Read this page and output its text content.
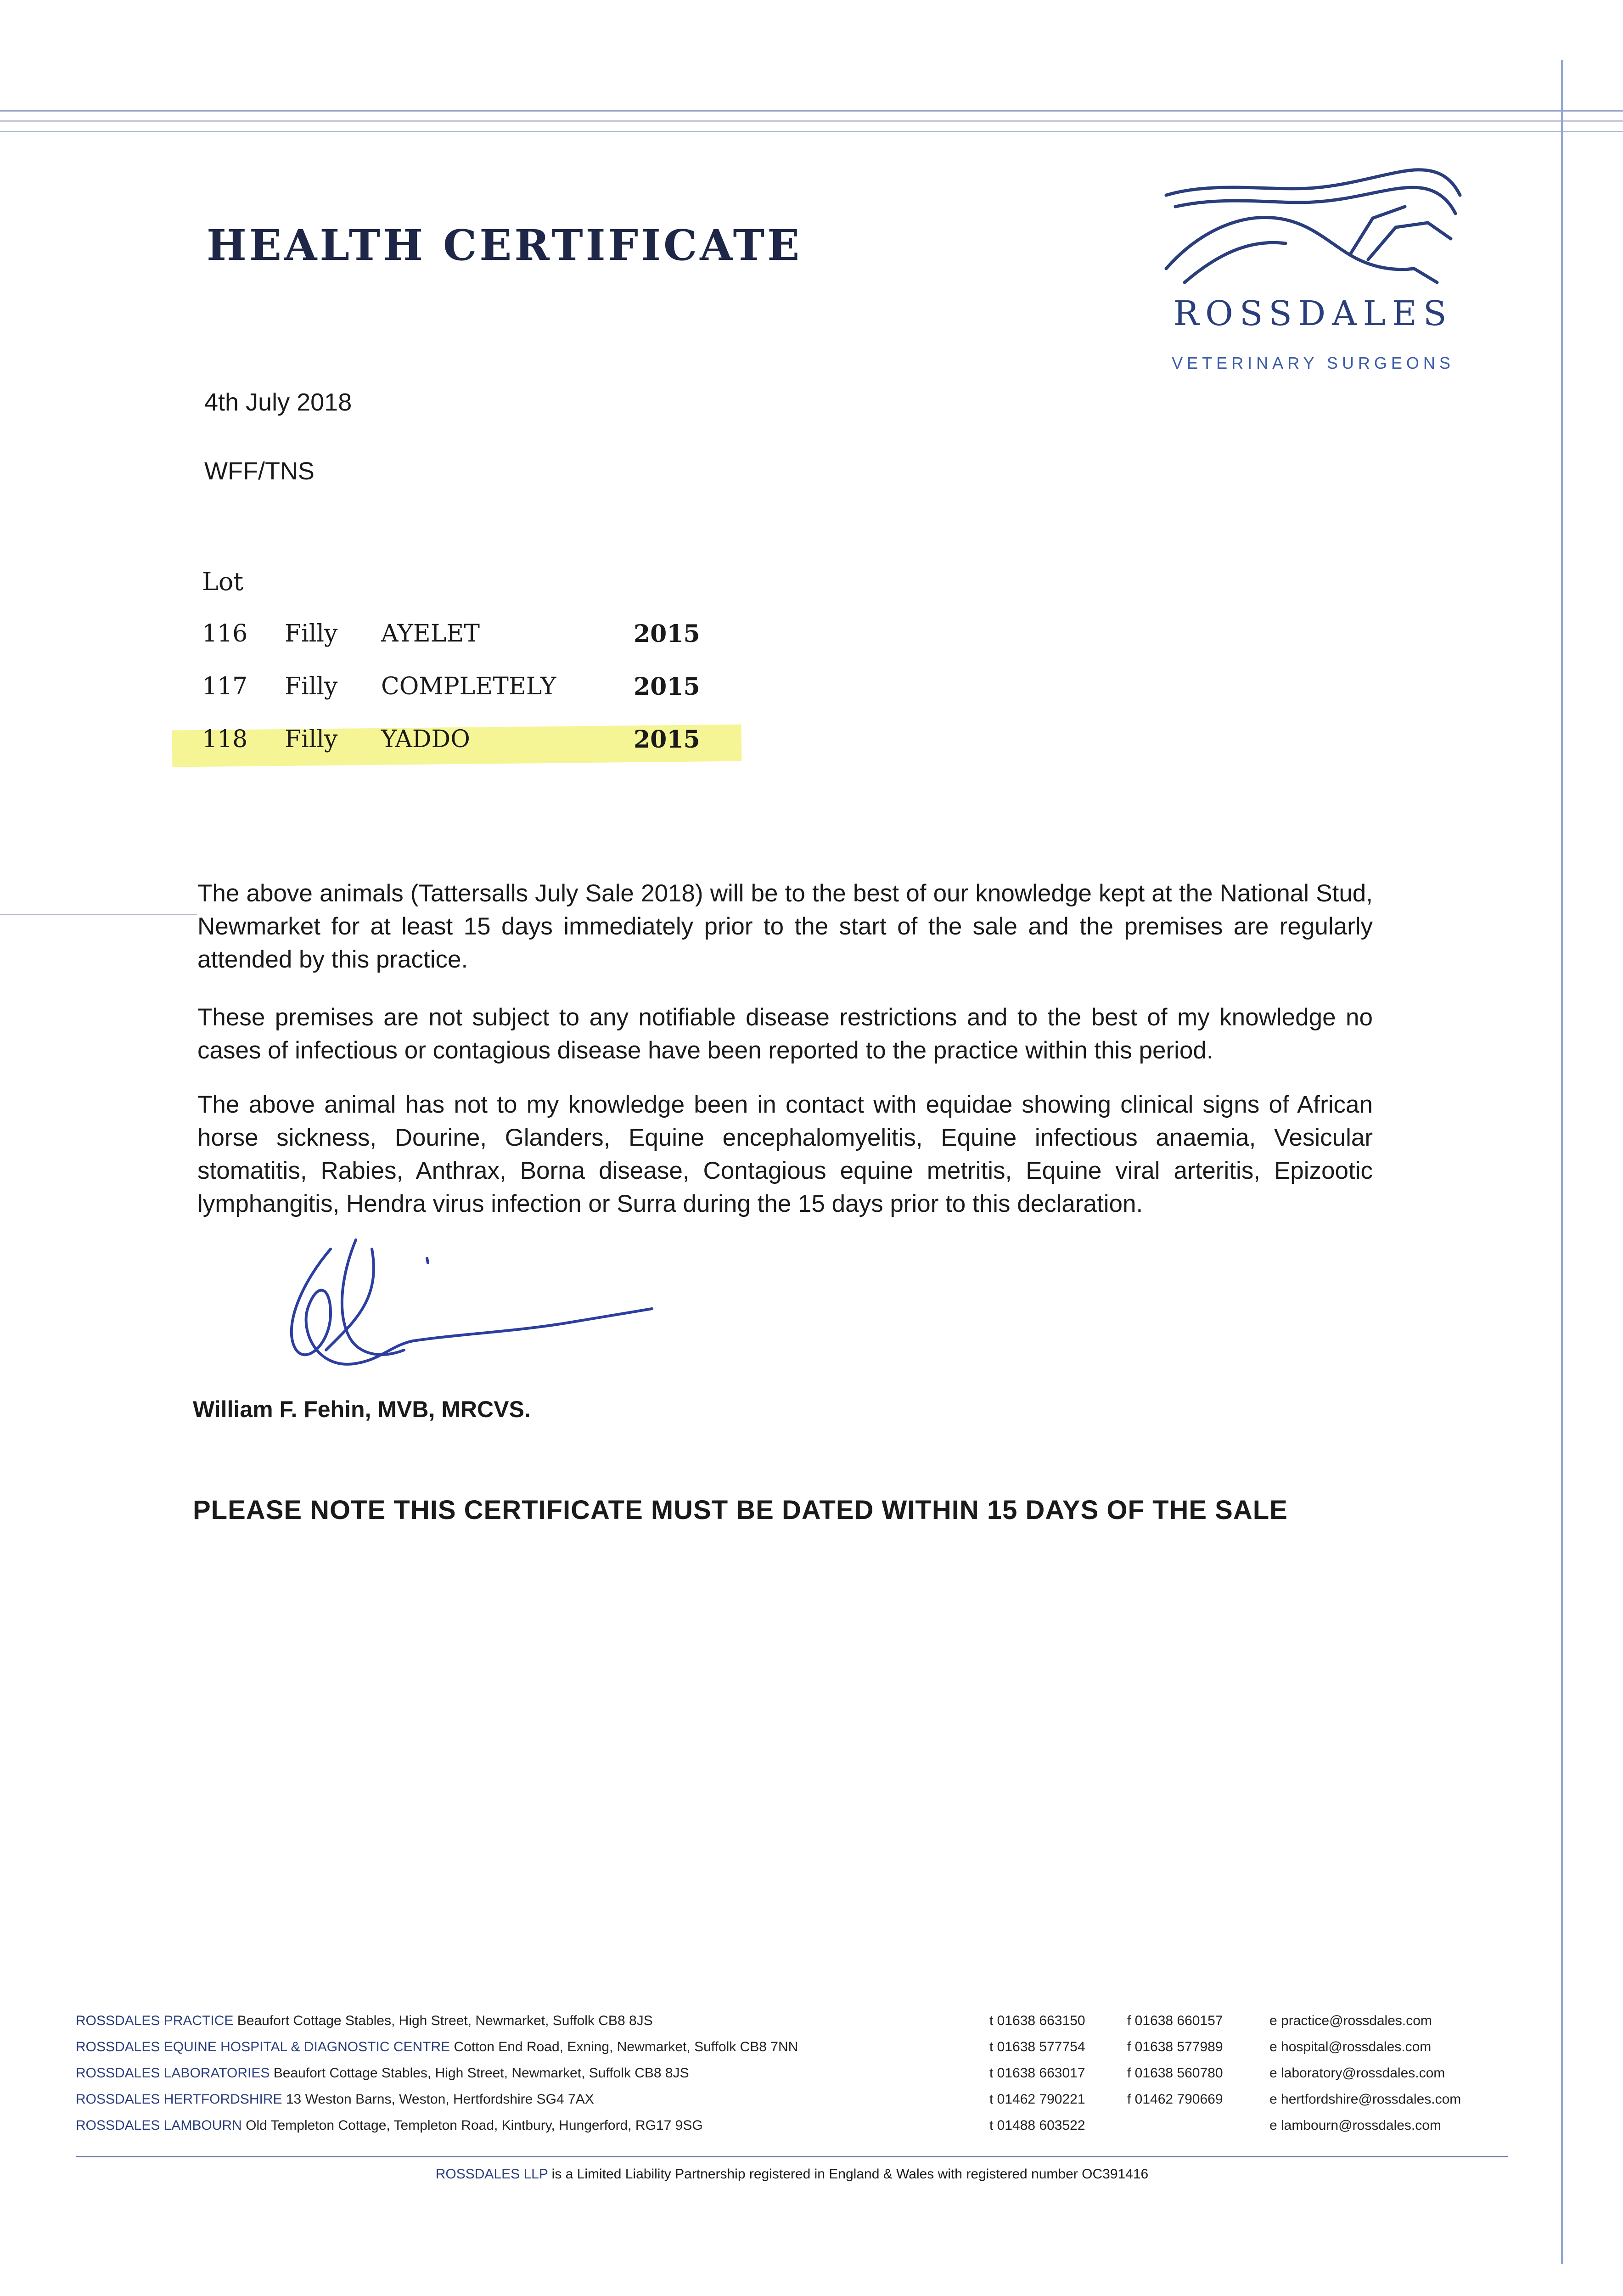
HEALTH CERTIFICATE
ROSSDALES
VETERINARY SURGEONS
4th July 2018
WFF/TNS
Lot
116 Filly AYELET	2015
117 Filly COMPLETELY	2015
118 Filly YADDO	2015
The above animals (Tattersalls July Sale 2018) will be to the best of our knowledge kept at the National Stud, Newmarket for at least 15 days immediately prior to the start of the sale and the premises are regularly attended by this practice.
These premises are not subject to any notifiable disease restrictions and to the best of my knowledge no cases of infectious or contagious disease have been reported to the practice within this period.
The above animal has not to my knowledge been in contact with equidae showing clinical signs of African horse sickness, Dourine, Glanders, Equine encephalomyelitis, Equine infectious anaemia, Vesicular stomatitis, Rabies, Anthrax, Borna disease, Contagious equine metritis, Equine viral arteritis, Epizootic lymphangitis, Hendra virus infection or Surra during the 15 days prior to this declaration.
William F. Fehin, MVB, MRCVS.
PLEASE NOTE THIS CERTIFICATE MUST BE DATED WITHIN 15 DAYS OF THE SALE
ROSSDALES PRACTICE Beaufort Cottage Stables, High Street, Newmarket, Suffolk CB8 8JS	t 01638 663150	f 01638 660157	e practice@rossdales.com
ROSSDALES EQUINE HOSPITAL & DIAGNOSTIC CENTRE Cotton End Road, Exning, Newmarket, Suffolk CB8 7NN	t 01638 577754	f 01638 577989	e hospital@rossdales.com
ROSSDALES LABORATORIES Beaufort Cottage Stables, High Street, Newmarket, Suffolk CB8 8JS	t 01638 663017	f 01638 560780	e laboratory@rossdales.com
ROSSDALES HERTFORDSHIRE 13 Weston Barns, Weston, Hertfordshire SG4 7AX	t 01462 790221	f 01462 790669	e hertfordshire@rossdales.com
ROSSDALES LAMBOURN Old Templeton Cottage, Templeton Road, Kintbury, Hungerford, RG17 9SG	t 01488 603522	e lambourn@rossdales.com
ROSSDALES LLP is a Limited Liability Partnership registered in England & Wales with registered number OC391416
